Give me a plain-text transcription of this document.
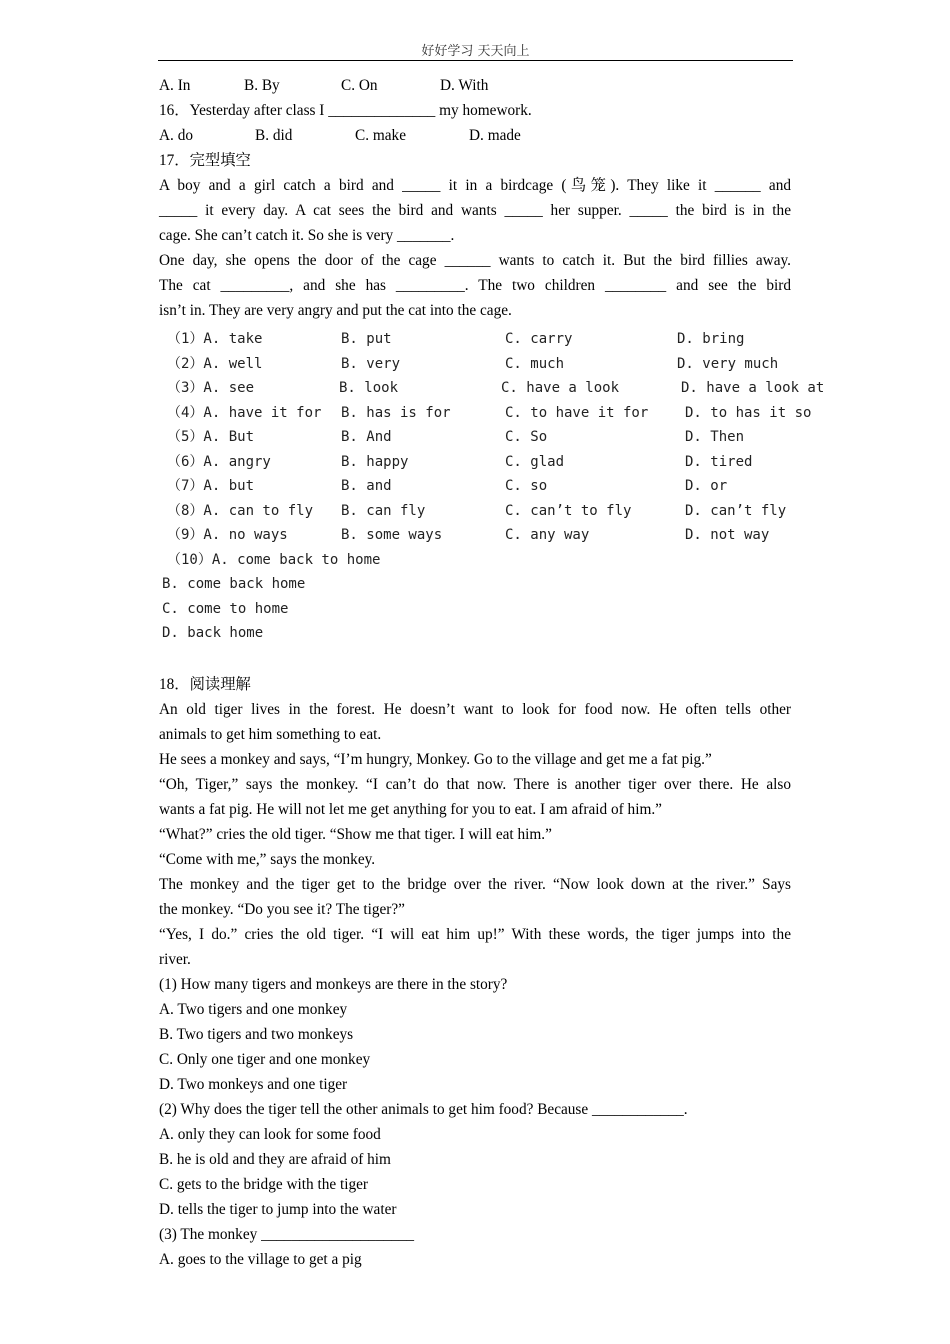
好好学习 天天向上
A. In	B. By	C. On	D. With
16．Yesterday after class I ______________ my homework.
A. do	B. did	C. make	D. made
17．完型填空
A boy and a girl catch a bird and _____ it in a birdcage (鸟笼). They like it ______ and
_____ it every day. A cat sees the bird and wants _____ her supper. _____ the bird is in the
cage. She can’t catch it. So she is very _______.
One day, she opens the door of the cage ______ wants to catch it. But the bird fillies away.
The cat _________, and she has _________. The two children ________ and see the bird
isn’t in. They are very angry and put the cat into the cage.
（1）A. take	B. put	C. carry	D. bring
（2）A. well	B. very	C. much	D. very much
（3）A. see	B. look	C. have a look	D. have a look at
（4）A. have it for B. has is for	C. to have it for	D. to has it so
（5）A. But	B. And	C. So	D. Then
（6）A. angry	B. happy	C. glad	D. tired
（7）A. but	B. and	C. so	D. or
（8）A. can to fly B. can fly	C. can’t to fly	D. can’t fly
（9）A. no ways	B. some ways	C. any way	D. not way
（10）A. come back to home
B. come back home
C. come to home
D. back home
18．阅读理解
An old tiger lives in the forest. He doesn’t want to look for food now. He often tells other
animals to get him something to eat.
He sees a monkey and says, “I’m hungry, Monkey. Go to the village and get me a fat pig.”
“Oh, Tiger,” says the monkey. “I can’t do that now. There is another tiger over there. He also
wants a fat pig. He will not let me get anything for you to eat. I am afraid of him.”
“What?” cries the old tiger. “Show me that tiger. I will eat him.”
“Come with me,” says the monkey.
The monkey and the tiger get to the bridge over the river. “Now look down at the river.” Says
the monkey. “Do you see it? The tiger?”
“Yes, I do.” cries the old tiger. “I will eat him up!” With these words, the tiger jumps into the
river.
(1) How many tigers and monkeys are there in the story?
A. Two tigers and one monkey
B. Two tigers and two monkeys
C. Only one tiger and one monkey
D. Two monkeys and one tiger
(2) Why does the tiger tell the other animals to get him food? Because ____________.
A. only they can look for some food
B. he is old and they are afraid of him
C. gets to the bridge with the tiger
D. tells the tiger to jump into the water
(3) The monkey ____________________
A. goes to the village to get a pig
